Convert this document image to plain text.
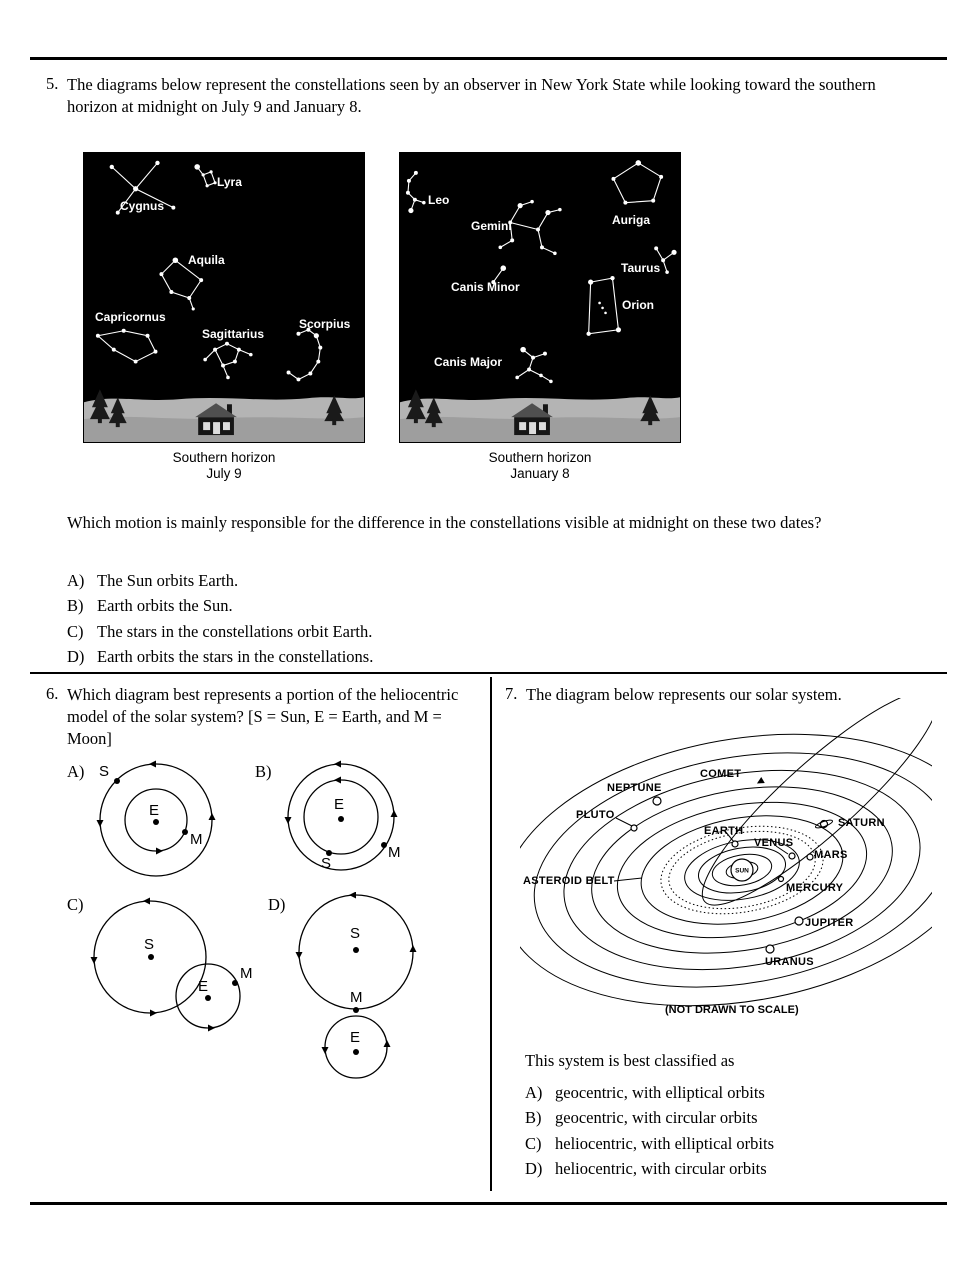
5. The diagrams below represent the constellations seen by an observer in New York State while looking toward the southern horizon at midnight on July 9 and January 8.
Cygnus
Lyra
Aquila
Capricornus
Sagittarius
Scorpius
Southern horizon
July 9
Leo
Gemini	Auriga
Canis Minor
Taurus
Orion
Canis Major
Southern horizon
January 8
Which motion is mainly responsible for the difference in the constellations visible at midnight on these two dates?
A) The Sun orbits Earth.
B) Earth orbits the Sun.
C) The stars in the constellations orbit Earth.
D) Earth orbits the stars in the constellations.
6. Which diagram best represents a portion of the heliocentric model of the solar system? [S = Sun, E = Earth, and M = Moon]
A) S
E
M
B)
E
S
M
C)
S
E
M
D)
S
M
E
7. The diagram below represents our solar system.
SUN
COMET
NEPTUNE
PLUTO
EARTH
VENUS
SATURN
MARS
MERCURY
ASTEROID BELT
JUPITER
URANUS
(NOT DRAWN TO SCALE)
This system is best classified as
A) geocentric, with elliptical orbits
B) geocentric, with circular orbits
C) heliocentric, with elliptical orbits
D) heliocentric, with circular orbits
